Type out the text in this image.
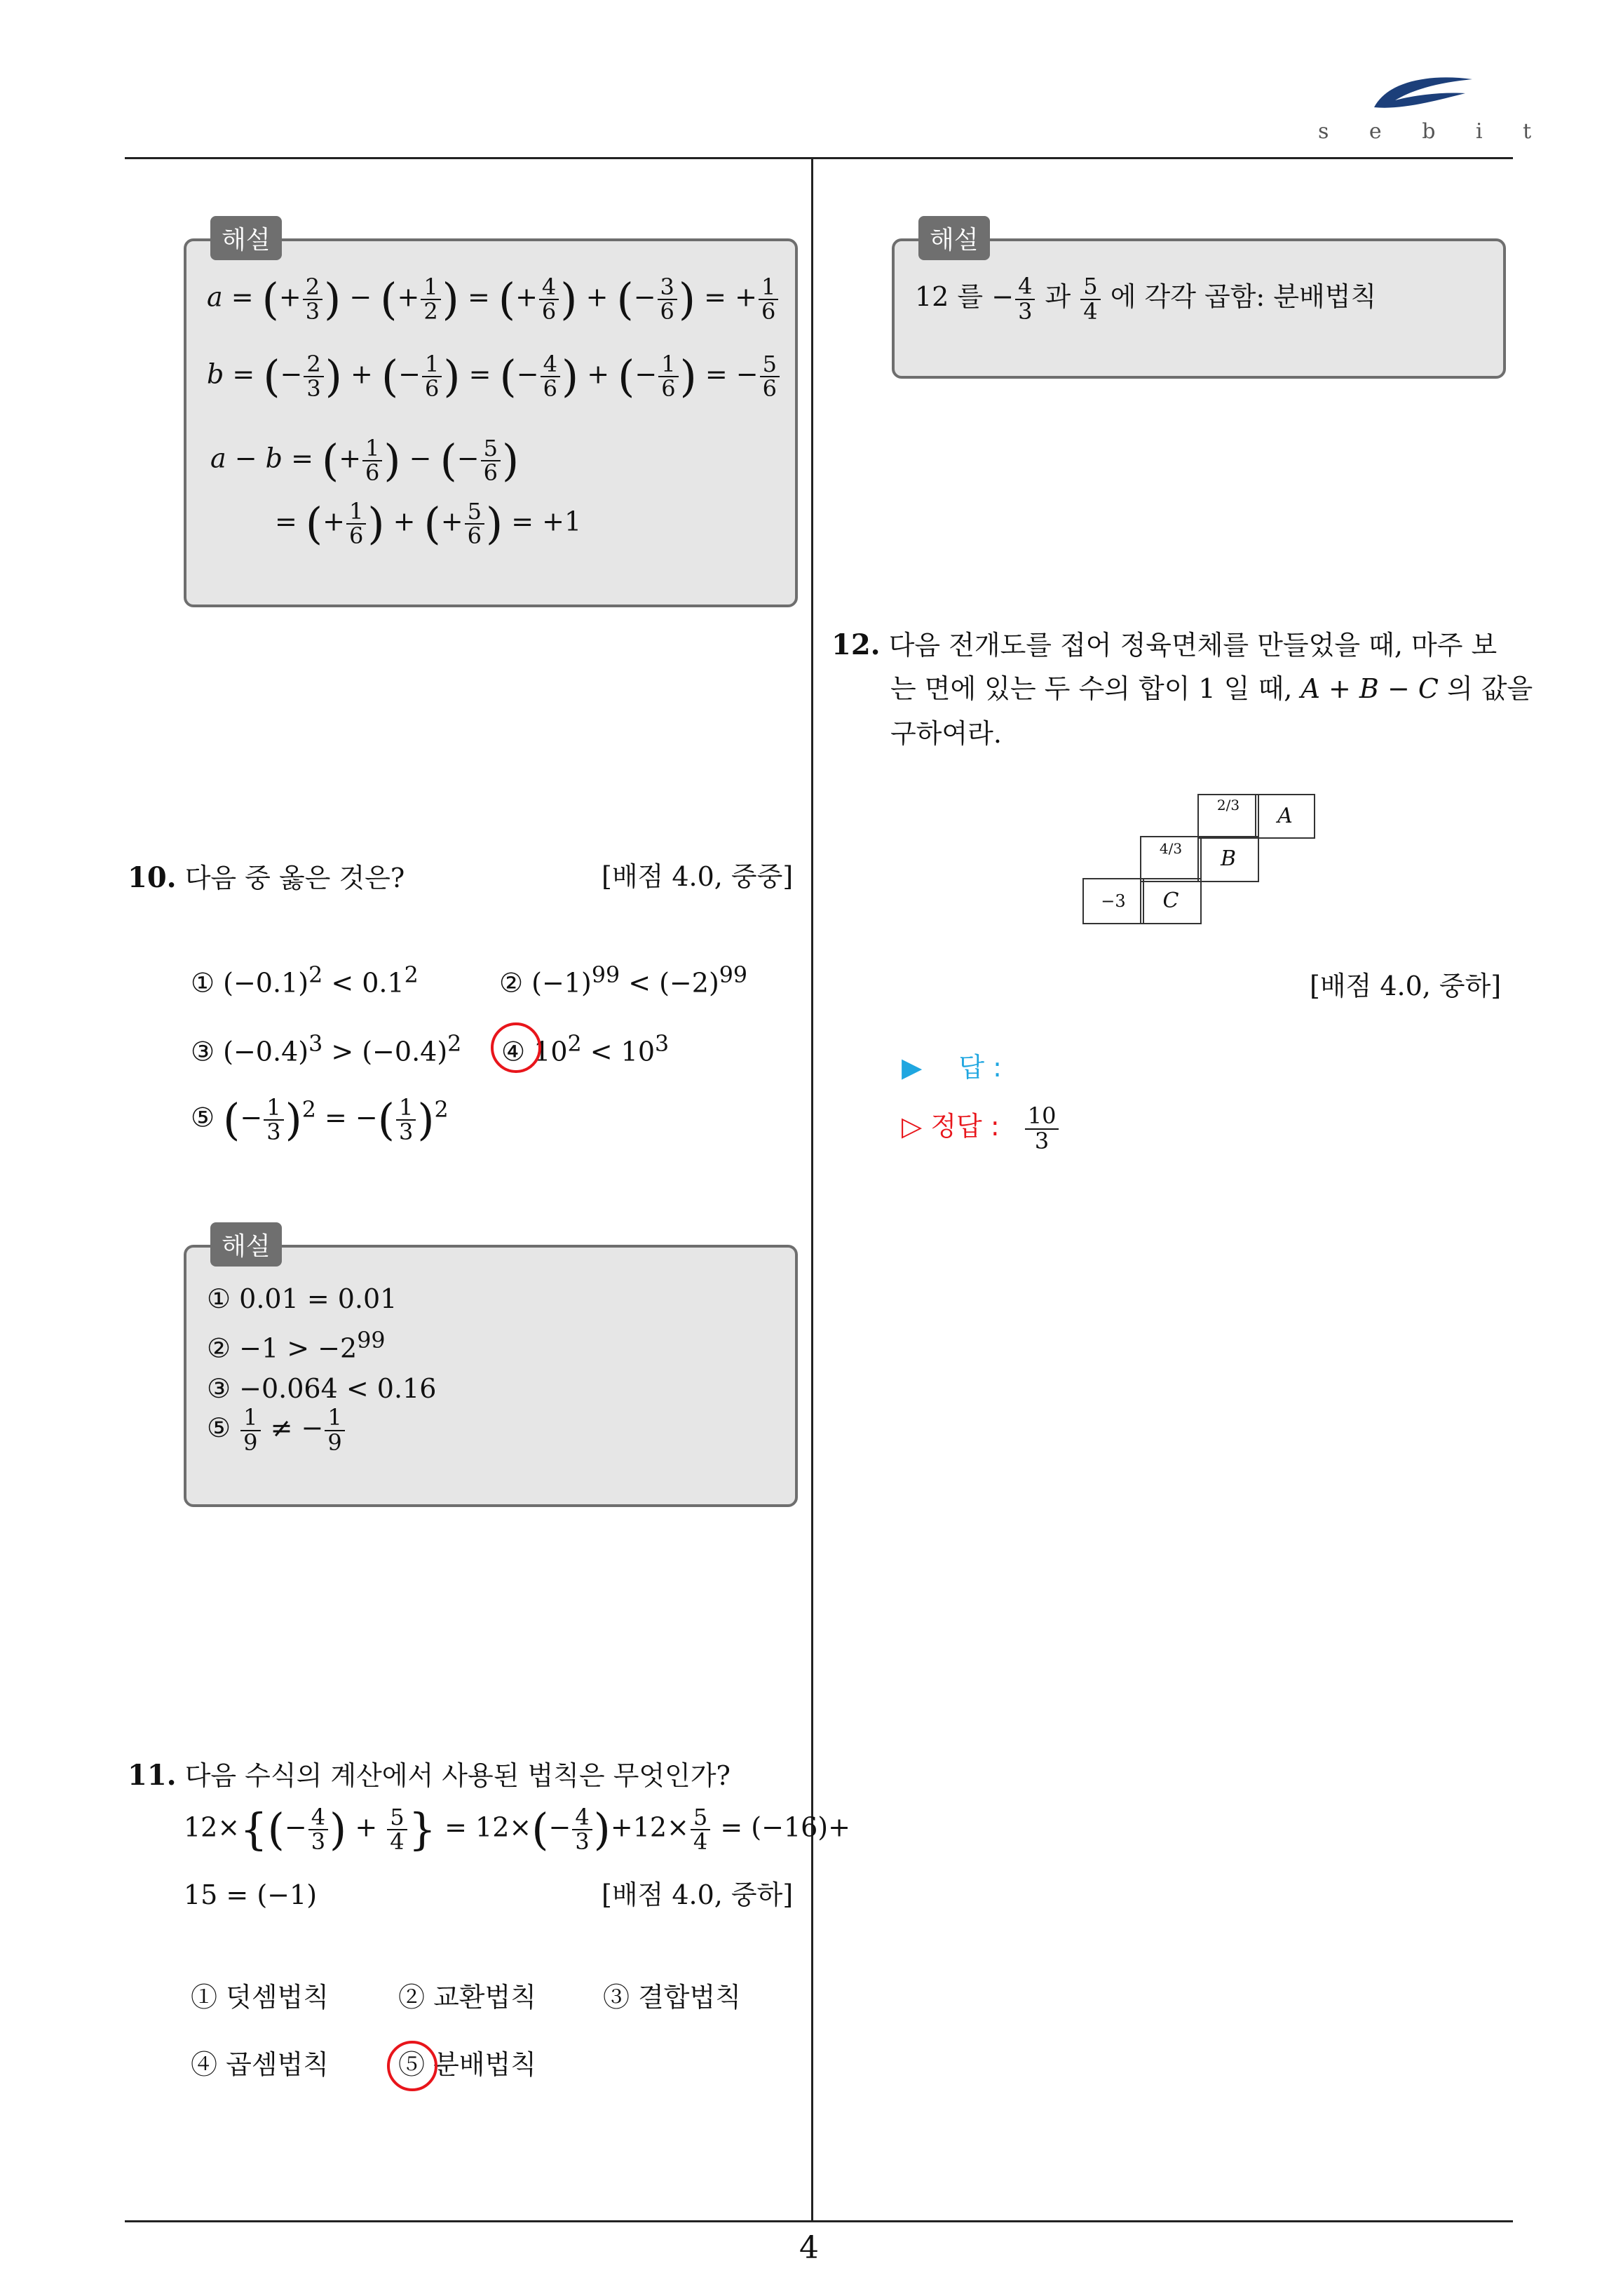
s e b i t
4
해설
a = (+ $\frac{2}{3}$ ) − (+ $\frac{1}{2}$ ) = (+ $\frac{4}{6}$ ) + (− $\frac{3}{6}$ ) = + $\frac{1}{6}$
b = (− $\frac{2}{3}$ ) + (− $\frac{1}{6}$ ) = (− $\frac{4}{6}$ ) + (− $\frac{1}{6}$ ) = − $\frac{5}{6}$
a − b = (+ $\frac{1}{6}$ ) − (− $\frac{5}{6}$ )
= (+ $\frac{1}{6}$ ) + (+ $\frac{5}{6}$ ) = +1
10. 다음 중 옳은 것은?	[배점 4.0, 중중]
① $(-0.1)^2 < 0.1^2$	② $(-1)^{99} < (-2)^{99}$
③ $(-0.4)^3 > (-0.4)^2$ ④ $10^2 < 10^3$
⑤ (− $\frac{1}{3} )^2$ = −( $\frac{1}{3} )^2$
해설
① 0.01 = 0.01
② $-1 > -2^{99}$
③ −0.064 < 0.16
⑤ $\frac{1}{9}$ ≠ − $\frac{1}{9}$
11. 다음 수식의 계산에서 사용된 법칙은 무엇인가?
$12\times\{(- \frac{4}{3}$ ) + $\frac{5}{4}$ } = $12\times(- \frac{4}{3} )+12\times \frac{5}{4} = (-16)+$
15 = (−1)	[배점 4.0, 중하]
① 덧셈법칙	② 교환법칙	③ 결합법칙
④ 곱셈법칙	⑤ 분배법칙
해설
12 를 − $\frac{4}{3}$ 과 $\frac{5}{4}$ 에 각각 곱함: 분배법칙
12. 다음 전개도를 접어 정육면체를 만들었을 때, 마주 보
는 면에 있는 두 수의 합이 1 일 때, A + B − C 의 값을
구하여라.
2/3	A
4/3	B
−3	C
[배점 4.0, 중하]
▶ 답 :
▷ 정답 : $\frac{10}{3}$
